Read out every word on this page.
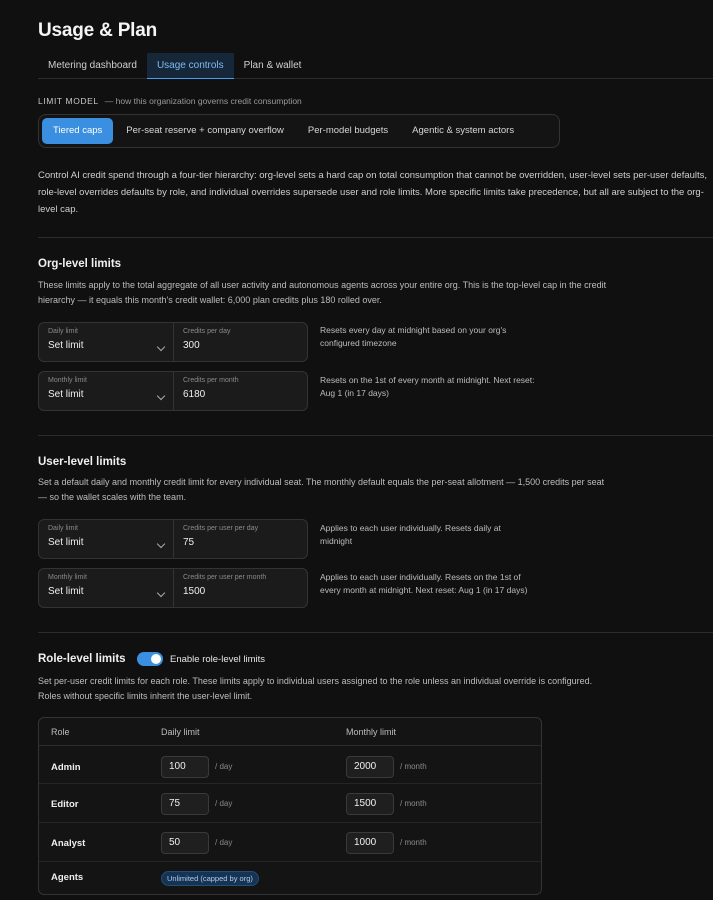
Usage & Plan
Metering dashboard	Usage controls	Plan & wallet
LIMIT MODEL — how this organization governs credit consumption
Tiered caps	Per-seat reserve + company overflow	Per-model budgets	Agentic & system actors
Control AI credit spend through a four-tier hierarchy: org-level sets a hard cap on total consumption that cannot be overridden, user-level sets per-user defaults, role-level overrides defaults by role, and individual overrides supersede user and role limits. More specific limits take precedence, but all are subject to the org-level cap.
Org-level limits
These limits apply to the total aggregate of all user activity and autonomous agents across your entire org. This is the top-level cap in the credit hierarchy — it equals this month's credit wallet: 6,000 plan credits plus 180 rolled over.
Daily limit
Set limit
Credits per day
300
Resets every day at midnight based on your org's configured timezone
Monthly limit
Set limit
Credits per month
6180
Resets on the 1st of every month at midnight. Next reset: Aug 1 (in 17 days)
User-level limits
Set a default daily and monthly credit limit for every individual seat. The monthly default equals the per-seat allotment — 1,500 credits per seat — so the wallet scales with the team.
Daily limit
Set limit
Credits per user per day
75
Applies to each user individually. Resets daily at midnight
Monthly limit
Set limit
Credits per user per month
1500
Applies to each user individually. Resets on the 1st of every month at midnight. Next reset: Aug 1 (in 17 days)
Role-level limits	Enable role-level limits
Set per-user credit limits for each role. These limits apply to individual users assigned to the role unless an individual override is configured. Roles without specific limits inherit the user-level limit.
Role	Daily limit	Monthly limit
Admin	100	/ day	2000	/ month
Editor	75	/ day	1500	/ month
Analyst	50	/ day	1000	/ month
Agents	Unlimited (capped by org)
